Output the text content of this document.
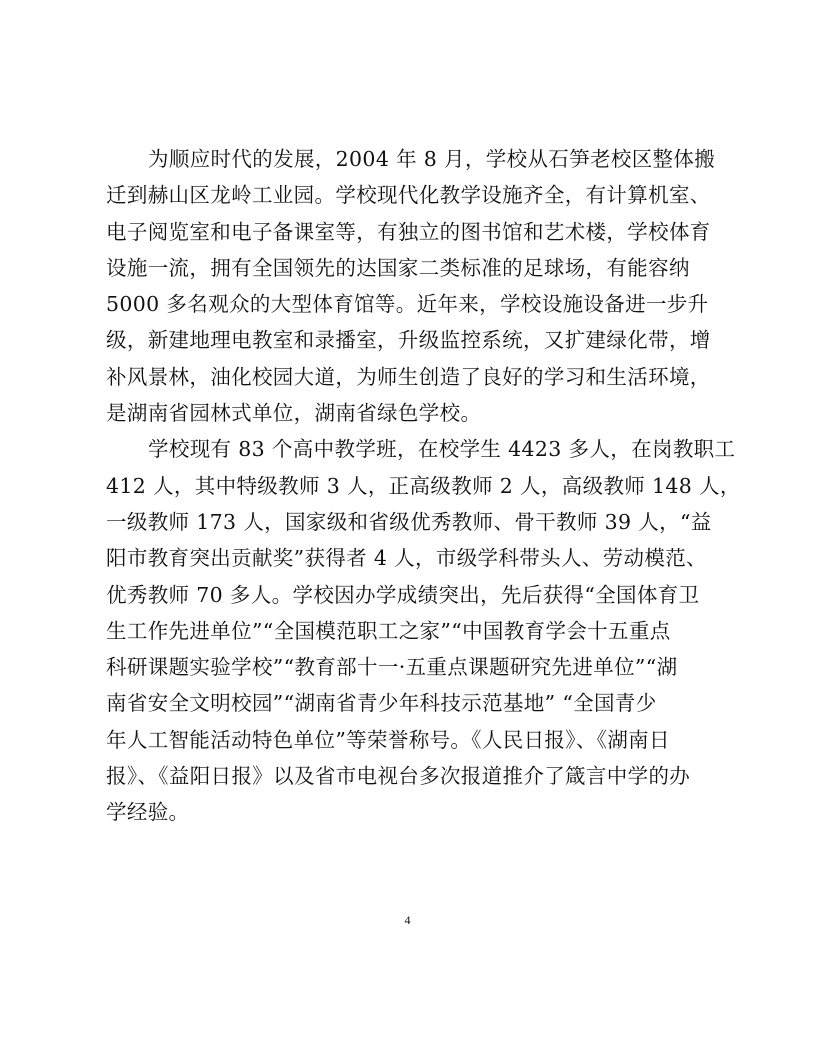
为顺应时代的发展，2004 年 8 月，学校从石笋老校区整体搬
迁到赫山区龙岭工业园。学校现代化教学设施齐全，有计算机室、
电子阅览室和电子备课室等，有独立的图书馆和艺术楼，学校体育
设施一流，拥有全国领先的达国家二类标准的足球场，有能容纳
5000 多名观众的大型体育馆等。近年来，学校设施设备进一步升
级，新建地理电教室和录播室，升级监控系统，又扩建绿化带，增
补风景林，油化校园大道，为师生创造了良好的学习和生活环境，
是湖南省园林式单位，湖南省绿色学校。
学校现有 83 个高中教学班，在校学生 4423 多人，在岗教职工
412 人，其中特级教师 3 人，正高级教师 2 人，高级教师 148 人，
一级教师 173 人，国家级和省级优秀教师、骨干教师 39 人，“益
阳市教育突出贡献奖”获得者 4 人，市级学科带头人、劳动模范、
优秀教师 70 多人。学校因办学成绩突出，先后获得“全国体育卫
生工作先进单位”“全国模范职工之家”“中国教育学会十五重点
科研课题实验学校”“教育部十一·五重点课题研究先进单位”“湖
南省安全文明校园”“湖南省青少年科技示范基地” “全国青少
年人工智能活动特色单位”等荣誉称号。《人民日报》、《湖南日
报》、《益阳日报》以及省市电视台多次报道推介了箴言中学的办
学经验。
4
